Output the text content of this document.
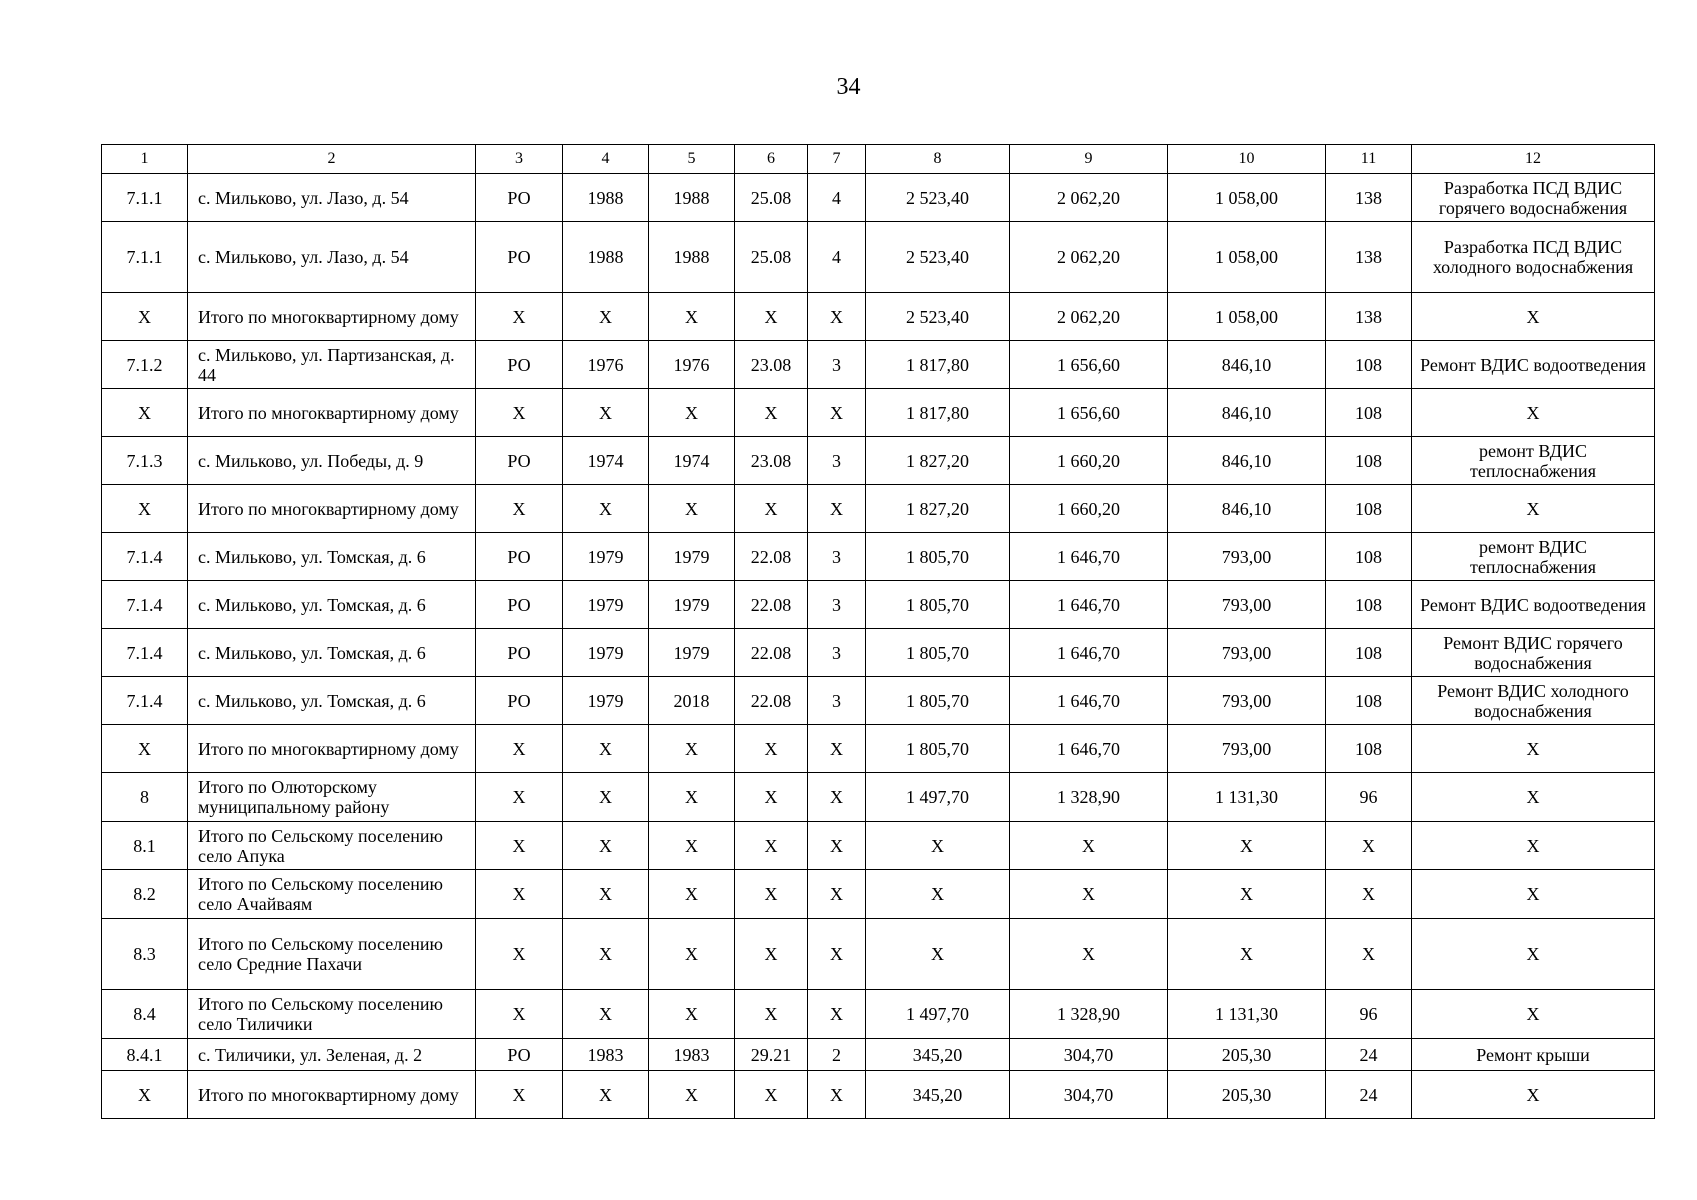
34
1	2	3	4	5	6	7	8	9	10	11	12
7.1.1	с. Мильково, ул. Лазо, д. 54	РО	1988	1988	25.08	4	2 523,40	2 062,20	1 058,00	138	Разработка ПСД ВДИС горячего водоснабжения
7.1.1	с. Мильково, ул. Лазо, д. 54	РО	1988	1988	25.08	4	2 523,40	2 062,20	1 058,00	138	Разработка ПСД ВДИС холодного водоснабжения
Х	Итого по многоквартирному дому	Х	Х	Х	Х	Х	2 523,40	2 062,20	1 058,00	138	Х
7.1.2	с. Мильково, ул. Партизанская, д. 44	РО	1976	1976	23.08	3	1 817,80	1 656,60	846,10	108	Ремонт ВДИС водоотведения
Х	Итого по многоквартирному дому	Х	Х	Х	Х	Х	1 817,80	1 656,60	846,10	108	Х
7.1.3	с. Мильково, ул. Победы, д. 9	РО	1974	1974	23.08	3	1 827,20	1 660,20	846,10	108	ремонт ВДИС теплоснабжения
Х	Итого по многоквартирному дому	Х	Х	Х	Х	Х	1 827,20	1 660,20	846,10	108	Х
7.1.4	с. Мильково, ул. Томская, д. 6	РО	1979	1979	22.08	3	1 805,70	1 646,70	793,00	108	ремонт ВДИС теплоснабжения
7.1.4	с. Мильково, ул. Томская, д. 6	РО	1979	1979	22.08	3	1 805,70	1 646,70	793,00	108	Ремонт ВДИС водоотведения
7.1.4	с. Мильково, ул. Томская, д. 6	РО	1979	1979	22.08	3	1 805,70	1 646,70	793,00	108	Ремонт ВДИС горячего водоснабжения
7.1.4	с. Мильково, ул. Томская, д. 6	РО	1979	2018	22.08	3	1 805,70	1 646,70	793,00	108	Ремонт ВДИС холодного водоснабжения
Х	Итого по многоквартирному дому	Х	Х	Х	Х	Х	1 805,70	1 646,70	793,00	108	Х
8	Итого по Олюторскому муниципальному району	Х	Х	Х	Х	Х	1 497,70	1 328,90	1 131,30	96	Х
8.1	Итого по Сельскому поселению село Апука	Х	Х	Х	Х	Х	Х	Х	Х	Х	Х
8.2	Итого по Сельскому поселению село Ачайваям	Х	Х	Х	Х	Х	Х	Х	Х	Х	Х
8.3	Итого по Сельскому поселению село Средние Пахачи	Х	Х	Х	Х	Х	Х	Х	Х	Х	Х
8.4	Итого по Сельскому поселению село Тиличики	Х	Х	Х	Х	Х	1 497,70	1 328,90	1 131,30	96	Х
8.4.1	с. Тиличики, ул. Зеленая, д. 2	РО	1983	1983	29.21	2	345,20	304,70	205,30	24	Ремонт крыши
Х	Итого по многоквартирному дому	Х	Х	Х	Х	Х	345,20	304,70	205,30	24	Х
